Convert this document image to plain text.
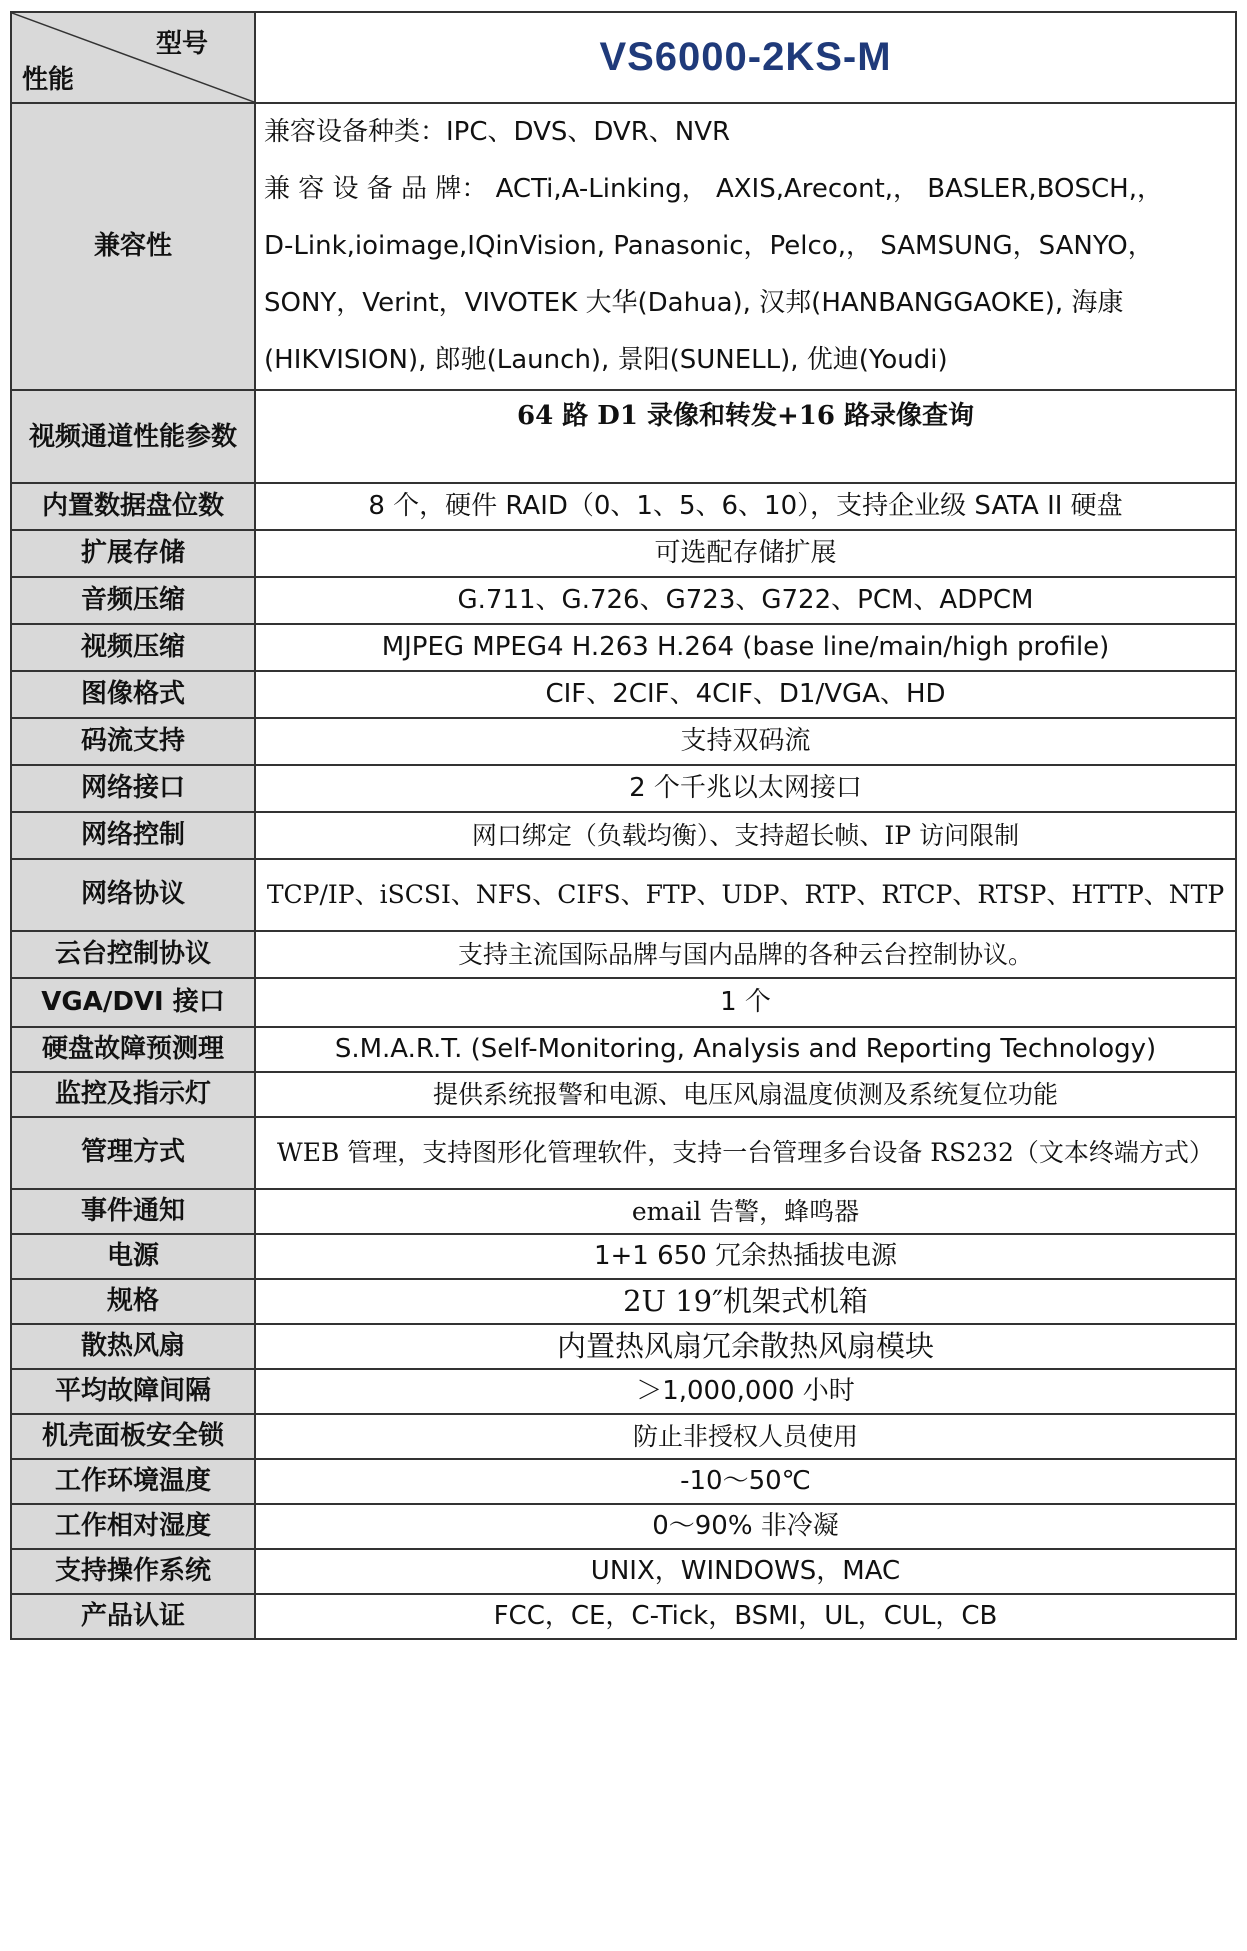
型号
性能	VS6000-2KS-M
兼容性	兼容设备种类：IPC、DVS、DVR、NVR
兼 容 设 备 品 牌： ACTi,A-Linking， AXIS,Arecont,， BASLER,BOSCH,，
D-Link,ioimage,IQinVision, Panasonic，Pelco,， SAMSUNG，SANYO，
SONY，Verint，VIVOTEK 大华(Dahua), 汉邦(HANBANGGAOKE), 海康
(HIKVISION), 郎驰(Launch), 景阳(SUNELL), 优迪(Youdi)

视频通道性能参数	64 路 D1 录像和转发+16 路录像查询
内置数据盘位数	8 个，硬件 RAID（0、1、5、6、10），支持企业级 SATA II 硬盘
扩展存储	可选配存储扩展
音频压缩	G.711、G.726、G723、G722、PCM、ADPCM
视频压缩	MJPEG MPEG4 H.263 H.264 (base line/main/high profile)
图像格式	CIF、2CIF、4CIF、D1/VGA、HD
码流支持	支持双码流
网络接口	2 个千兆以太网接口
网络控制	网口绑定（负载均衡）、支持超长帧、IP 访问限制
网络协议	TCP/IP、iSCSI、NFS、CIFS、FTP、UDP、RTP、RTCP、RTSP、HTTP、NTP
云台控制协议	支持主流国际品牌与国内品牌的各种云台控制协议。
VGA/DVI 接口	1 个
硬盘故障预测理	S.M.A.R.T. (Self-Monitoring, Analysis and Reporting Technology)
监控及指示灯	提供系统报警和电源、电压风扇温度侦测及系统复位功能
管理方式	WEB 管理，支持图形化管理软件，支持一台管理多台设备 RS232（文本终端方式）
事件通知	email 告警，蜂鸣器
电源	1+1 650 冗余热插拔电源
规格	2U 19″机架式机箱
散热风扇	内置热风扇冗余散热风扇模块
平均故障间隔	＞1,000,000 小时
机壳面板安全锁	防止非授权人员使用
工作环境温度	-10～50℃
工作相对湿度	0～90% 非冷凝
支持操作系统	UNIX，WINDOWS，MAC
产品认证	FCC，CE，C-Tick，BSMI，UL，CUL，CB
